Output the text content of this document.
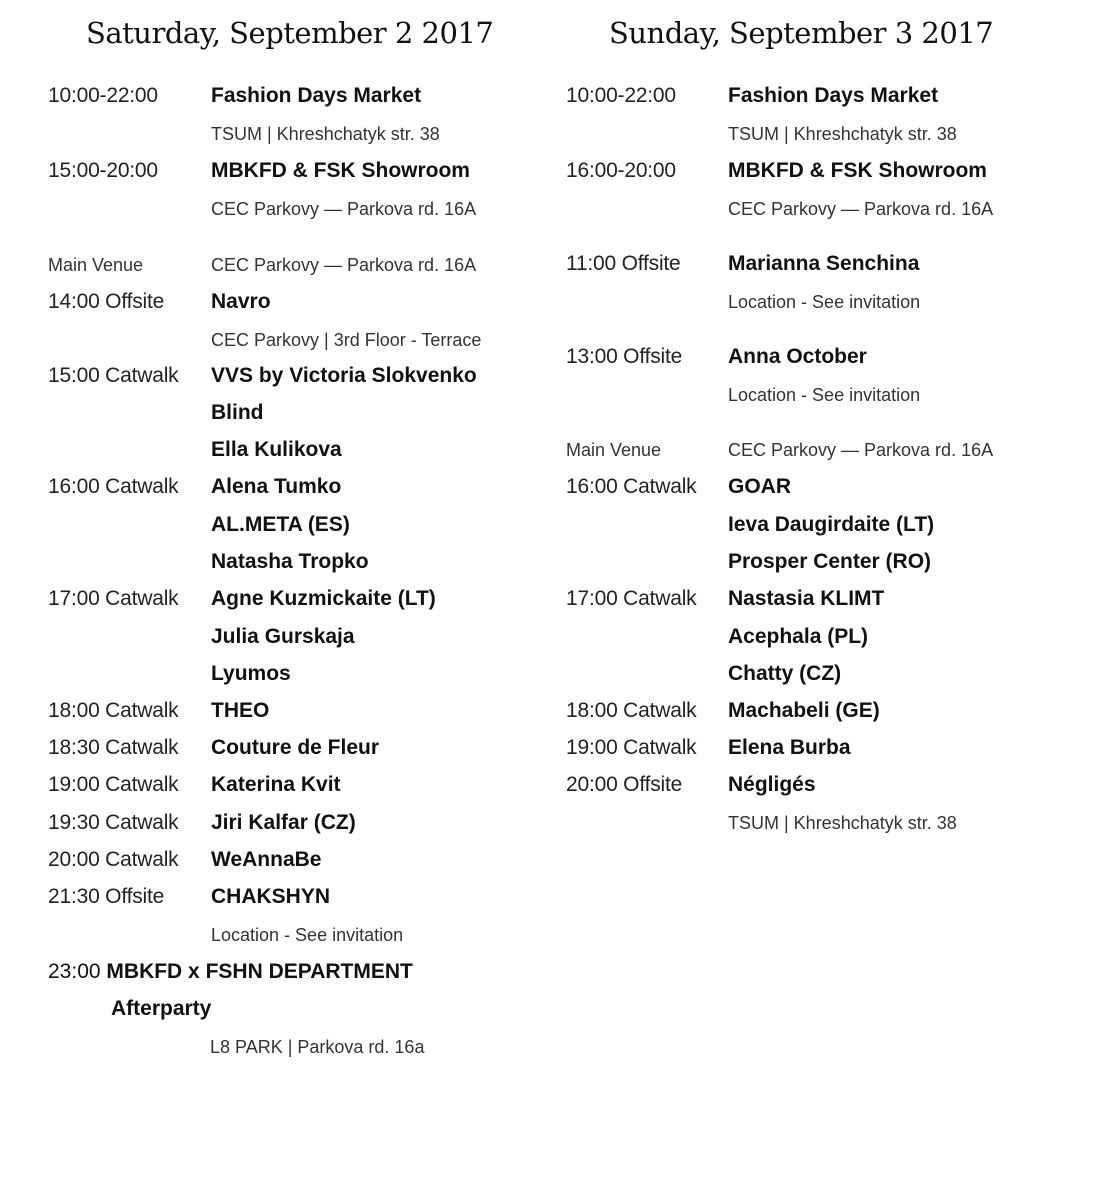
Saturday, September 2 2017
10:00-22:00	Fashion Days Market
TSUM | Khreshchatyk str. 38
15:00-20:00	MBKFD & FSK Showroom
CEC Parkovy — Parkova rd. 16A
Main Venue	CEC Parkovy — Parkova rd. 16A
14:00 Offsite Navro
CEC Parkovy | 3rd Floor - Terrace
15:00 Catwalk VVS by Victoria Slokvenko
Blind
Ella Kulikova
16:00 Catwalk Alena Tumko
AL.META (ES)
Natasha Tropko
17:00 Catwalk Agne Kuzmickaite (LT)
Julia Gurskaja
Lyumos
18:00 Catwalk THEO
18:30 Catwalk Couture de Fleur
19:00 Catwalk Katerina Kvit
19:30 Catwalk Jiri Kalfar (CZ)
20:00 Catwalk WeAnnaBe
21:30 Offsite CHAKSHYN
Location - See invitation
23:00 MBKFD x FSHN DEPARTMENT
Afterparty
L8 PARK | Parkova rd. 16a
Sunday, September 3 2017
10:00-22:00 Fashion Days Market
TSUM | Khreshchatyk str. 38
16:00-20:00 MBKFD & FSK Showroom
CEC Parkovy — Parkova rd. 16A
11:00 Offsite Marianna Senchina
Location - See invitation
13:00 Offsite Anna October
Location - See invitation
Main Venue	CEC Parkovy — Parkova rd. 16A
16:00 Catwalk GOAR
Ieva Daugirdaite (LT)
Prosper Center (RO)
17:00 Catwalk Nastasia KLIMT
Acephala (PL)
Chatty (CZ)
18:00 Catwalk Machabeli (GE)
19:00 Catwalk Elena Burba
20:00 Offsite Négligés
TSUM | Khreshchatyk str. 38
